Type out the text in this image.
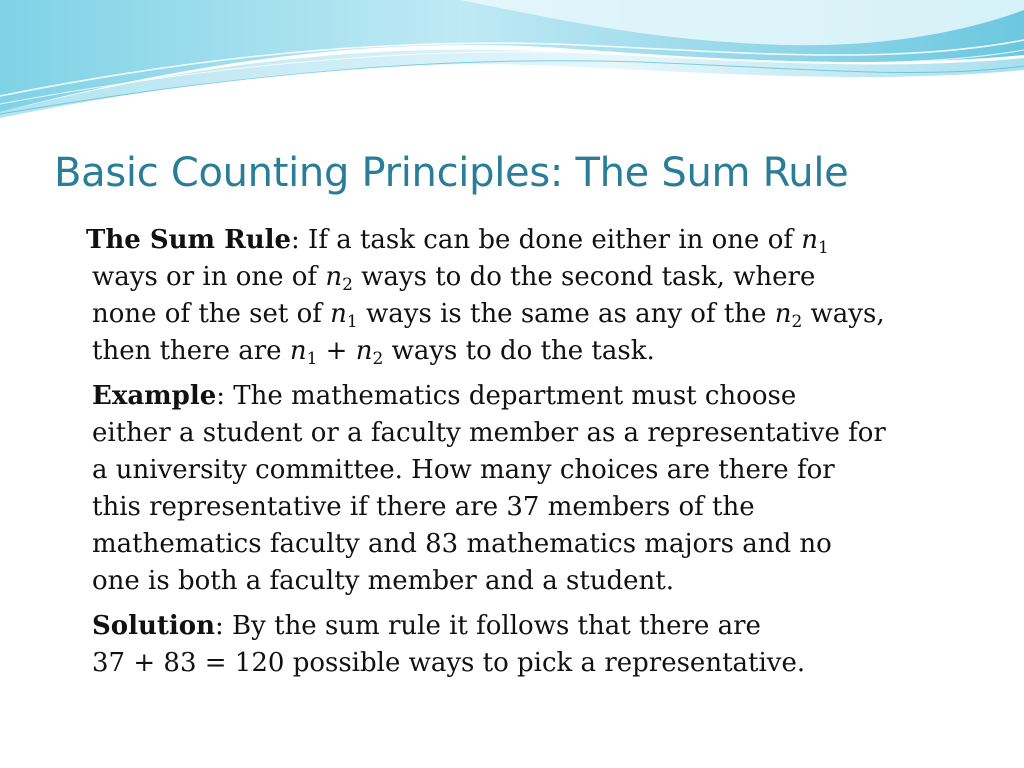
Basic Counting Principles: The Sum Rule

The Sum Rule: If a task can be done either in one of $n_1$
ways or in one of $n_2$ ways to do the second task, where
none of the set of $n_1$ ways is the same as any of the $n_2$ ways,
then there are $n_1 + n_2$ ways to do the task.

Example: The mathematics department must choose
either a student or a faculty member as a representative for
a university committee. How many choices are there for
this representative if there are 37 members of the
mathematics faculty and 83 mathematics majors and no
one is both a faculty member and a student.

Solution: By the sum rule it follows that there are
37 + 83 = 120 possible ways to pick a representative.
